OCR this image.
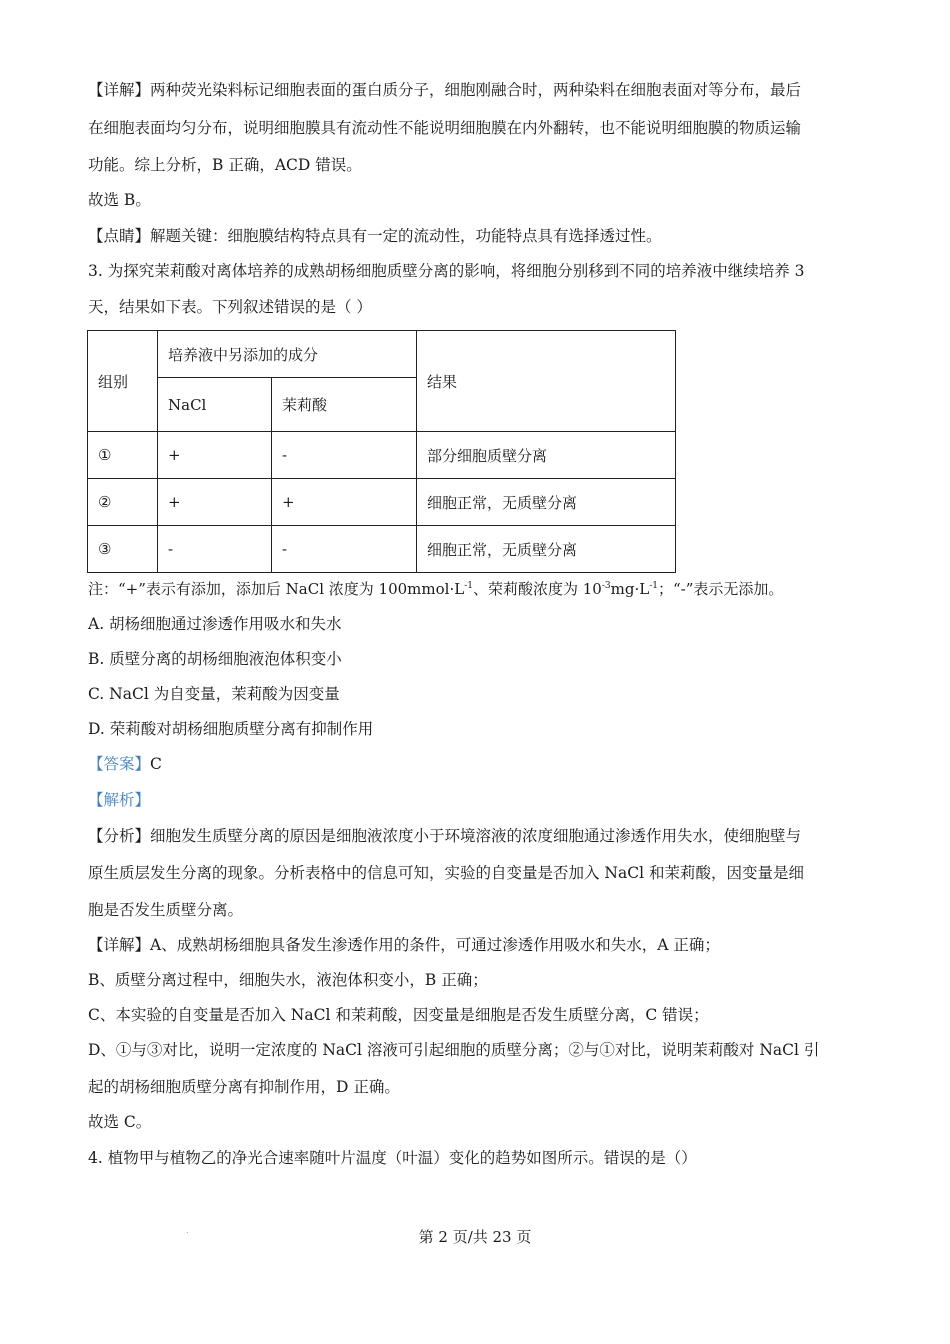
【详解】两种荧光染料标记细胞表面的蛋白质分子，细胞刚融合时，两种染料在细胞表面对等分布，最后
在细胞表面均匀分布，说明细胞膜具有流动性不能说明细胞膜在内外翻转，也不能说明细胞膜的物质运输
功能。综上分析，B 正确，ACD 错误。
故选 B。
【点睛】解题关键：细胞膜结构特点具有一定的流动性，功能特点具有选择透过性。
3. 为探究茉莉酸对离体培养的成熟胡杨细胞质壁分离的影响，将细胞分别移到不同的培养液中继续培养 3
天，结果如下表。下列叙述错误的是（ ）
组别	培养液中另添加的成分		结果
	NaCl	茉莉酸	
①	+	-	部分细胞质壁分离
②	+	+	细胞正常，无质壁分离
③	-	-	细胞正常，无质壁分离
注：“+”表示有添加，添加后 NaCl 浓度为 $100mmol\cdot L^{-1}$、荣莉酸浓度为 $10^{-3}mg\cdot L^{-1}$；“-”表示无添加。
A. 胡杨细胞通过渗透作用吸水和失水
B. 质壁分离的胡杨细胞液泡体积变小
C. NaCl 为自变量，茉莉酸为因变量
D. 荣莉酸对胡杨细胞质壁分离有抑制作用
【答案】C
【解析】
【分析】细胞发生质壁分离的原因是细胞液浓度小于环境溶液的浓度细胞通过渗透作用失水，使细胞壁与
原生质层发生分离的现象。分析表格中的信息可知，实验的自变量是否加入 NaCl 和茉莉酸，因变量是细
胞是否发生质壁分离。
【详解】A、成熟胡杨细胞具备发生渗透作用的条件，可通过渗透作用吸水和失水，A 正确；
B、质壁分离过程中，细胞失水，液泡体积变小，B 正确；
C、本实验的自变量是否加入 NaCl 和茉莉酸，因变量是细胞是否发生质壁分离，C 错误；
D、①与③对比，说明一定浓度的 NaCl 溶液可引起细胞的质壁分离；②与①对比，说明茉莉酸对 NaCl 引
起的胡杨细胞质壁分离有抑制作用，D 正确。
故选 C。
4. 植物甲与植物乙的净光合速率随叶片温度（叶温）变化的趋势如图所示。错误的是（）
.	第 2 页/共 23 页
